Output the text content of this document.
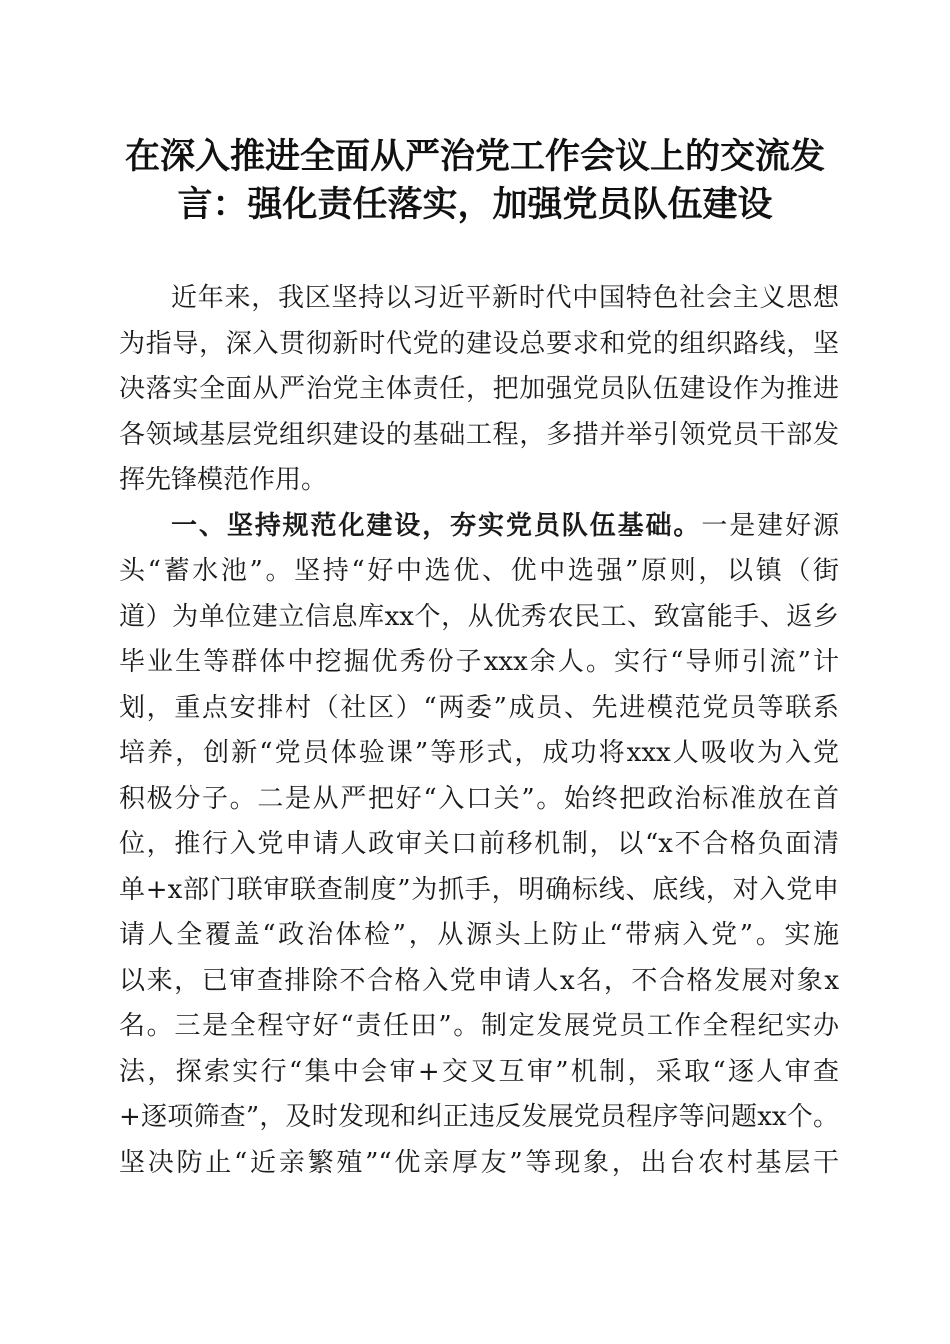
在深入推进全面从严治党工作会议上的交流发
言：强化责任落实，加强党员队伍建设
近年来，我区坚持以习近平新时代中国特色社会主义思想
为指导，深入贯彻新时代党的建设总要求和党的组织路线，坚
决落实全面从严治党主体责任，把加强党员队伍建设作为推进
各领域基层党组织建设的基础工程，多措并举引领党员干部发
挥先锋模范作用。
一、坚持规范化建设，夯实党员队伍基础。一是建好源
头“蓄水池”。坚持“好中选优、优中选强”原则，以镇（街
道）为单位建立信息库xx个，从优秀农民工、致富能手、返乡
毕业生等群体中挖掘优秀份子xxx余人。实行“导师引流”计
划，重点安排村（社区）“两委”成员、先进模范党员等联系
培养，创新“党员体验课”等形式，成功将xxx人吸收为入党
积极分子。二是从严把好“入口关”。始终把政治标准放在首
位，推行入党申请人政审关口前移机制，以“x不合格负面清
单+x部门联审联查制度”为抓手，明确标线、底线，对入党申
请人全覆盖“政治体检”，从源头上防止“带病入党”。实施
以来，已审查排除不合格入党申请人x名，不合格发展对象x
名。三是全程守好“责任田”。制定发展党员工作全程纪实办
法，探索实行“集中会审+交叉互审”机制，采取“逐人审查
+逐项筛查”，及时发现和纠正违反发展党员程序等问题xx个。
坚决防止“近亲繁殖”“优亲厚友”等现象，出台农村基层干
